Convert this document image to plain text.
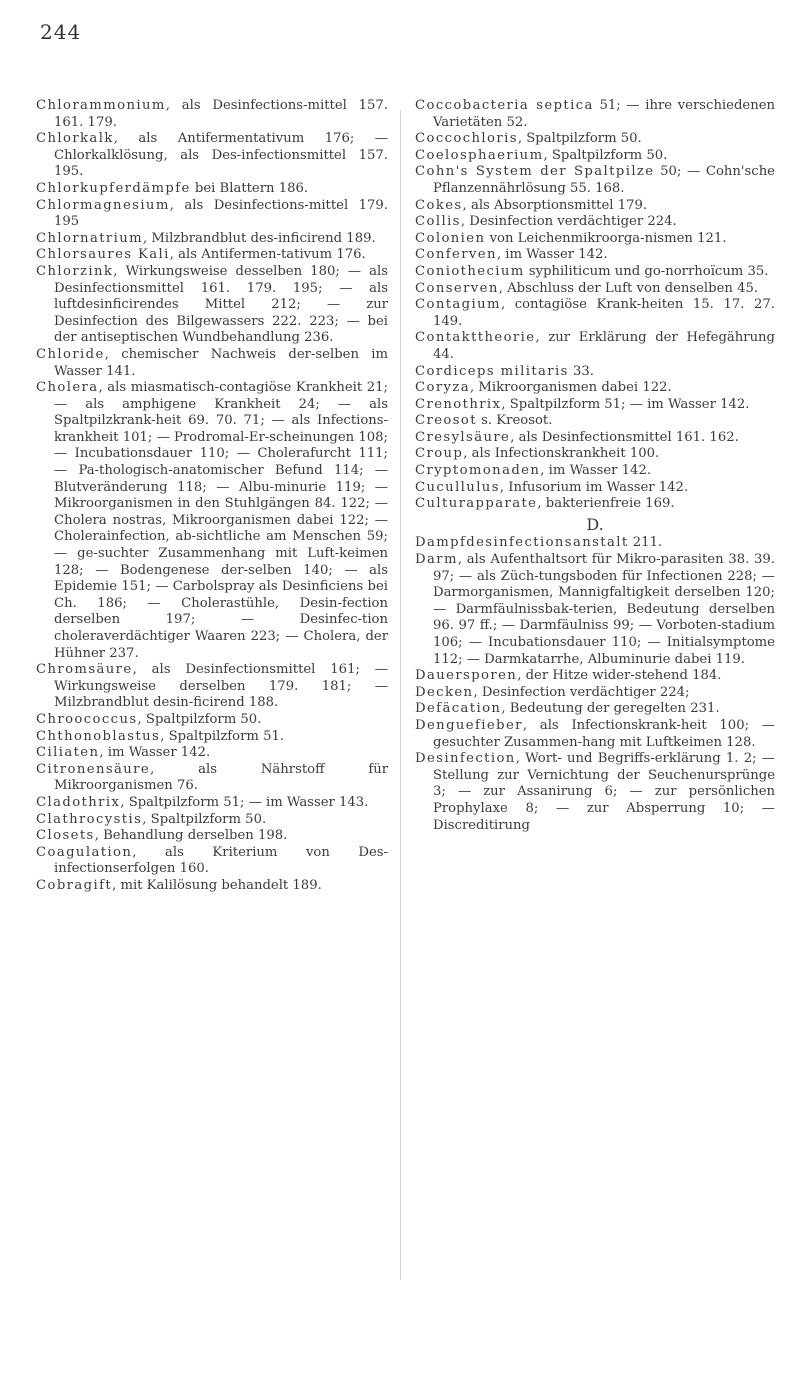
244
Chlorammonium, als Desinfections-mittel 157. 161. 179.
Chlorkalk, als Antifermentativum 176; — Chlorkalklösung, als Des-infectionsmittel 157. 195.
Chlorkupferdämpfe bei Blattern 186.
Chlormagnesium, als Desinfections-mittel 179. 195
Chlornatrium, Milzbrandblut des-inficirend 189.
Chlorsaures Kali, als Antifermen-tativum 176.
Chlorzink, Wirkungsweise desselben 180; — als Desinfectionsmittel 161. 179. 195; — als luftdesinficirendes Mittel 212; — zur Desinfection des Bilgewassers 222. 223; — bei der antiseptischen Wundbehandlung 236.
Chloride, chemischer Nachweis der-selben im Wasser 141.
Cholera, als miasmatisch-contagiöse Krankheit 21; — als amphigene Krankheit 24; — als Spaltpilzkrank-heit 69. 70. 71; — als Infections-krankheit 101; — Prodromal-Er-scheinungen 108; — Incubationsdauer 110; — Cholerafurcht 111; — Pa-thologisch-anatomischer Befund 114; — Blutveränderung 118; — Albu-minurie 119; — Mikroorganismen in den Stuhlgängen 84. 122; — Cholera nostras, Mikroorganismen dabei 122; — Cholerainfection, ab-sichtliche am Menschen 59; — ge-suchter Zusammenhang mit Luft-keimen 128; — Bodengenese der-selben 140; — als Epidemie 151; — Carbolspray als Desinficiens bei Ch. 186; — Cholerastühle, Desin-fection derselben 197; — Desinfec-tion choleraverdächtiger Waaren 223; — Cholera, der Hühner 237.
Chromsäure, als Desinfectionsmittel 161; — Wirkungsweise derselben 179. 181; — Milzbrandblut desin-ficirend 188.
Chroococcus, Spaltpilzform 50.
Chthonoblastus, Spaltpilzform 51.
Ciliaten, im Wasser 142.
Citronensäure, als Nährstoff für Mikroorganismen 76.
Cladothrix, Spaltpilzform 51; — im Wasser 143.
Clathrocystis, Spaltpilzform 50.
Closets, Behandlung derselben 198.
Coagulation, als Kriterium von Des-infectionserfolgen 160.
Cobragift, mit Kalilösung behandelt 189.
Coccobacteria septica 51; — ihre verschiedenen Varietäten 52.
Coccochloris, Spaltpilzform 50.
Coelosphaerium, Spaltpilzform 50.
Cohn's System der Spaltpilze 50; — Cohn'sche Pflanzennährlösung 55. 168.
Cokes, als Absorptionsmittel 179.
Collis, Desinfection verdächtiger 224.
Colonien von Leichenmikroorga-nismen 121.
Conferven, im Wasser 142.
Coniothecium syphiliticum und go-norrhoïcum 35.
Conserven, Abschluss der Luft von denselben 45.
Contagium, contagiöse Krank-heiten 15. 17. 27. 149.
Contakttheorie, zur Erklärung der Hefegährung 44.
Cordiceps militaris 33.
Coryza, Mikroorganismen dabei 122.
Crenothrix, Spaltpilzform 51; — im Wasser 142.
Creosot s. Kreosot.
Cresylsäure, als Desinfectionsmittel 161. 162.
Croup, als Infectionskrankheit 100.
Cryptomonaden, im Wasser 142.
Cucullulus, Infusorium im Wasser 142.
Culturapparate, bakterienfreie 169.
D.
Dampfdesinfectionsanstalt 211.
Darm, als Aufenthaltsort für Mikro-parasiten 38. 39. 97; — als Züch-tungsboden für Infectionen 228; — Darmorganismen, Mannigfaltigkeit derselben 120; — Darmfäulnissbak-terien, Bedeutung derselben 96. 97 ff.; — Darmfäulniss 99; — Vorboten-stadium 106; — Incubationsdauer 110; — Initialsymptome 112; — Darmkatarrhe, Albuminurie dabei 119.
Dauersporen, der Hitze wider-stehend 184.
Decken, Desinfection verdächtiger 224;
Defäcation, Bedeutung der geregelten 231.
Denguefieber, als Infectionskrank-heit 100; — gesuchter Zusammen-hang mit Luftkeimen 128.
Desinfection, Wort- und Begriffs-erklärung 1. 2; — Stellung zur Vernichtung der Seuchenursprünge 3; — zur Assanirung 6; — zur persönlichen Prophylaxe 8; — zur Absperrung 10; — Discreditirung
